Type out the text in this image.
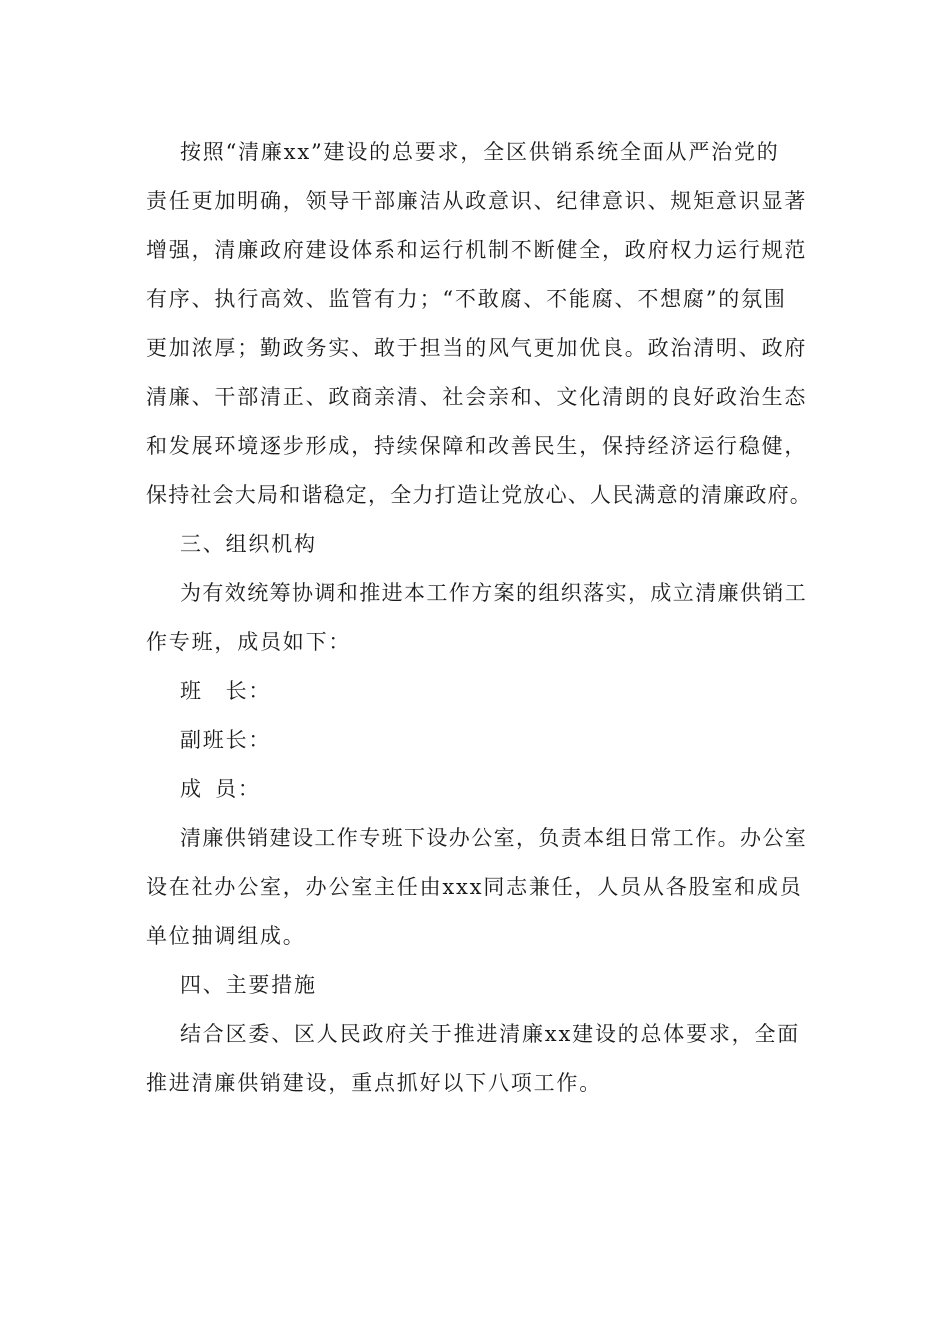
按照“清廉xx”建设的总要求，全区供销系统全面从严治党的
责任更加明确，领导干部廉洁从政意识、纪律意识、规矩意识显著
增强，清廉政府建设体系和运行机制不断健全，政府权力运行规范
有序、执行高效、监管有力；“不敢腐、不能腐、不想腐”的氛围
更加浓厚；勤政务实、敢于担当的风气更加优良。政治清明、政府
清廉、干部清正、政商亲清、社会亲和、文化清朗的良好政治生态
和发展环境逐步形成，持续保障和改善民生，保持经济运行稳健，
保持社会大局和谐稳定，全力打造让党放心、人民满意的清廉政府。
三、组织机构
为有效统筹协调和推进本工作方案的组织落实，成立清廉供销工
作专班，成员如下：
班　长：
副班长：
成 员：
清廉供销建设工作专班下设办公室，负责本组日常工作。办公室
设在社办公室，办公室主任由xxx同志兼任，人员从各股室和成员
单位抽调组成。
四、主要措施
结合区委、区人民政府关于推进清廉xx建设的总体要求，全面
推进清廉供销建设，重点抓好以下八项工作。
